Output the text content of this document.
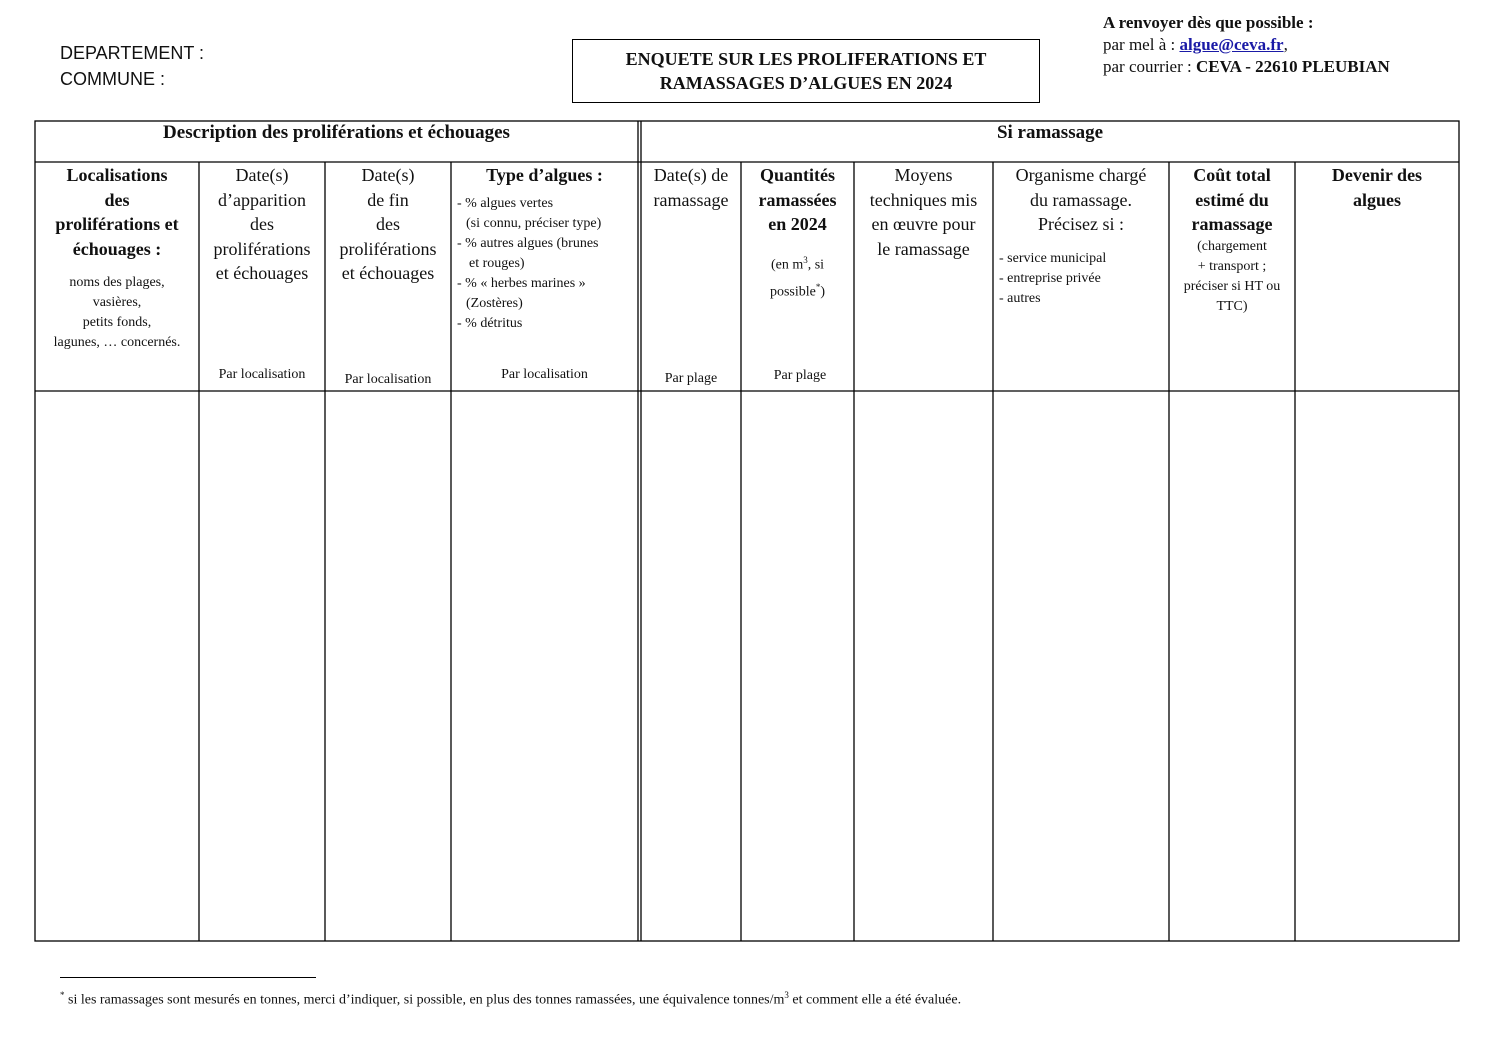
DEPARTEMENT :
COMMUNE :
ENQUETE SUR LES PROLIFERATIONS ET
RAMASSAGES D’ALGUES EN 2024
A renvoyer dès que possible :
par mel à : algue@ceva.fr,
par courrier : CEVA - 22610 PLEUBIAN
Description des proliférations et échouages	Si ramassage
Localisations
des
proliférations et
échouages :
noms des plages,
vasières,
petits fonds,
lagunes, … concernés.
Date(s)
d’apparition
des
proliférations
et échouages
Par localisation
Date(s)
de fin
des
proliférations
et échouages
Par localisation
Type d’algues :
- % algues vertes
(si connu, préciser type)
- % autres algues (brunes
et rouges)
- % « herbes marines »
(Zostères)
- % détritus
Par localisation
Date(s) de
ramassage
Par plage
Quantités
ramassées
en 2024
(en $m^3$, si
possible*)
Par plage
Moyens
techniques mis
en œuvre pour
le ramassage
Organisme chargé
du ramassage.
Précisez si :
- service municipal
- entreprise privée
- autres
Coût total
estimé du
ramassage
(chargement
+ transport ;
préciser si HT ou
TTC)
Devenir des
algues
* si les ramassages sont mesurés en tonnes, merci d’indiquer, si possible, en plus des tonnes ramassées, une équivalence tonnes/$m^3$ et comment elle a été évaluée.
